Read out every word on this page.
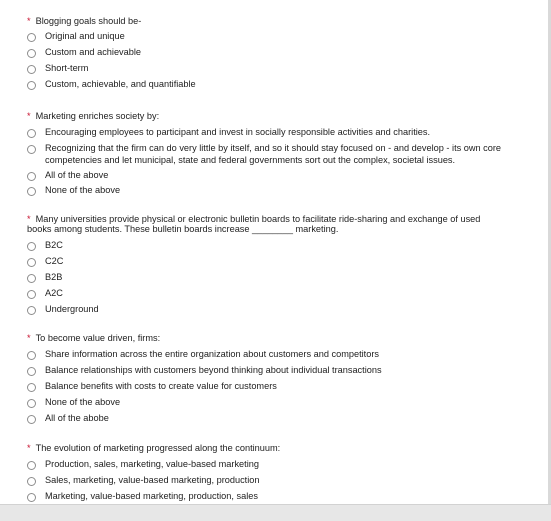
* Blogging goals should be-
Original and unique
Custom and achievable
Short-term
Custom, achievable, and quantifiable
* Marketing enriches society by:
Encouraging employees to participant and invest in socially responsible activities and charities.
Recognizing that the firm can do very little by itself, and so it should stay focused on - and develop - its own core competencies and let municipal, state and federal governments sort out the complex, societal issues.
All of the above
None of the above
* Many universities provide physical or electronic bulletin boards to facilitate ride-sharing and exchange of used books among students. These bulletin boards increase ________ marketing.
B2C
C2C
B2B
A2C
Underground
* To become value driven, firms:
Share information across the entire organization about customers and competitors
Balance relationships with customers beyond thinking about individual transactions
Balance benefits with costs to create value for customers
None of the above
All of the abobe
* The evolution of marketing progressed along the continuum:
Production, sales, marketing, value-based marketing
Sales, marketing, value-based marketing, production
Marketing, value-based marketing, production, sales
